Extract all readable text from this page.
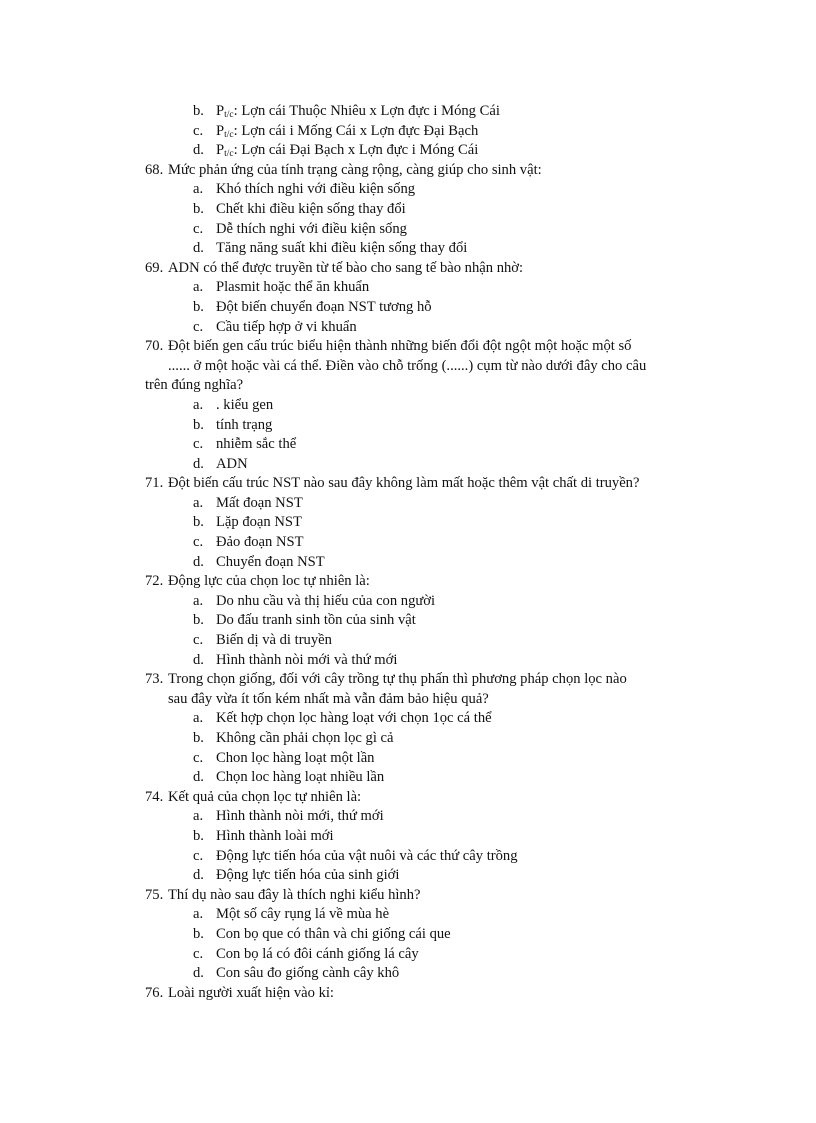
b. $P_{t/c}$: Lợn cái Thuộc Nhiêu x Lợn đực i Móng Cái
c. $P_{t/c}$: Lợn cái i Mống Cái x Lợn đực Đại Bạch
d. $P_{t/c}$: Lợn cái Đại Bạch x Lợn đực i Móng Cái
68. Mức phản ứng của tính trạng càng rộng, càng giúp cho sinh vật:
a. Khó thích nghi với điều kiện sống
b. Chết khi điều kiện sống thay đổi
c. Dễ thích nghi với điều kiện sống
d. Tăng năng suất khi điều kiện sống thay đổi
69. ADN có thể được truyền từ tế bào cho sang tế bào nhận nhờ:
a. Plasmit hoặc thể ăn khuẩn
b. Đột biến chuyển đoạn NST tương hỗ
c. Cầu tiếp hợp ở vi khuẩn
70. Đột biến gen cấu trúc biểu hiện thành những biến đổi đột ngột một hoặc một số
...... ở một hoặc vài cá thể. Điền vào chỗ trống (......) cụm từ nào dưới đây cho câu
trên đúng nghĩa?
a. . kiểu gen
b. tính trạng
c. nhiễm sắc thể
d. ADN
71. Đột biến cấu trúc NST nào sau đây không làm mất hoặc thêm vật chất di truyền?
a. Mất đoạn NST
b. Lặp đoạn NST
c. Đảo đoạn NST
d. Chuyển đoạn NST
72. Động lực của chọn loc tự nhiên là:
a. Do nhu cầu và thị hiếu của con người
b. Do đấu tranh sinh tồn của sinh vật
c. Biến dị và di truyền
d. Hình thành nòi mới và thứ mới
73. Trong chọn giống, đối với cây trồng tự thụ phấn thì phương pháp chọn lọc nào
sau đây vừa ít tốn kém nhất mà vẫn đảm bảo hiệu quả?
a. Kết hợp chọn lọc hàng loạt với chọn 1ọc cá thể
b. Không cần phải chọn lọc gì cả
c. Chon lọc hàng loạt một lần
d. Chọn loc hàng loạt nhiều lần
74. Kết quả của chọn lọc tự nhiên là:
a. Hình thành nòi mới, thứ mới
b. Hình thành loài mới
c. Động lực tiến hóa của vật nuôi và các thứ cây trồng
d. Động lực tiến hóa của sinh giới
75. Thí dụ nào sau đây là thích nghi kiểu hình?
a. Một số cây rụng lá về mùa hè
b. Con bọ que có thân và chi giống cái que
c. Con bọ lá có đôi cánh giống lá cây
d. Con sâu đo giống cành cây khô
76. Loài người xuất hiện vào kỉ:
